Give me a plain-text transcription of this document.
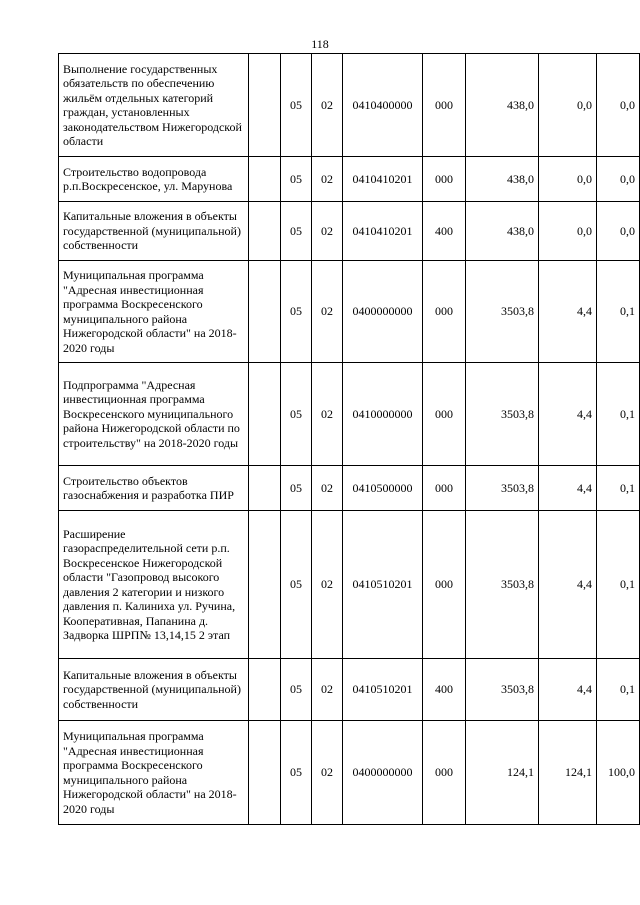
118
Выполнение государственных обязательств по обеспечению жильём отдельных категорий граждан, установленных законодательством Нижегородской области		05	02	0410400000	000	438,0	0,0	0,0
Строительство водопровода р.п.Воскресенское, ул. Марунова		05	02	0410410201	000	438,0	0,0	0,0
Капитальные вложения в объекты государственной (муниципальной) собственности		05	02	0410410201	400	438,0	0,0	0,0
Муниципальная программа "Адресная инвестиционная программа Воскресенского муниципального района Нижегородской области" на 2018-2020 годы		05	02	0400000000	000	3503,8	4,4	0,1
Подпрограмма "Адресная инвестиционная программа Воскресенского муниципального района Нижегородской области по строительству" на 2018-2020 годы		05	02	0410000000	000	3503,8	4,4	0,1
Строительство объектов газоснабжения и разработка ПИР		05	02	0410500000	000	3503,8	4,4	0,1
Расширение газораспределительной сети р.п. Воскресенское Нижегородской области "Газопровод высокого давления 2 категории и низкого давления п. Калиниха ул. Ручина, Кооперативная, Папанина д. Задворка ШРП№ 13,14,15 2 этап		05	02	0410510201	000	3503,8	4,4	0,1
Капитальные вложения в объекты государственной (муниципальной) собственности		05	02	0410510201	400	3503,8	4,4	0,1
Муниципальная программа "Адресная инвестиционная программа Воскресенского муниципального района Нижегородской области" на 2018-2020 годы		05	02	0400000000	000	124,1	124,1	100,0
